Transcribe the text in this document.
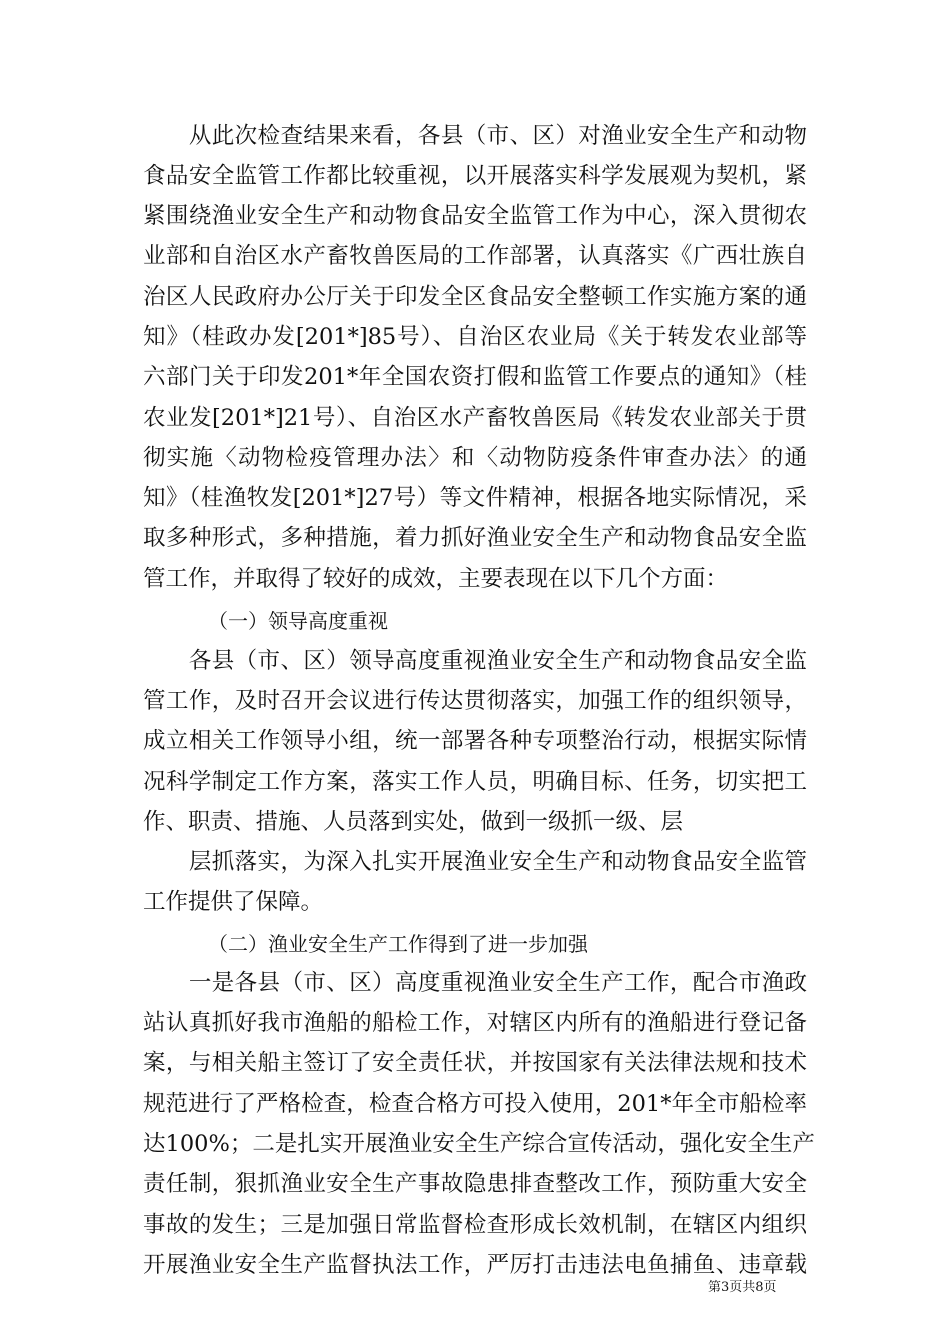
　　从此次检查结果来看，各县（市、区）对渔业安全生产和动物
食品安全监管工作都比较重视，以开展落实科学发展观为契机，紧
紧围绕渔业安全生产和动物食品安全监管工作为中心，深入贯彻农
业部和自治区水产畜牧兽医局的工作部署，认真落实《广西壮族自
治区人民政府办公厅关于印发全区食品安全整顿工作实施方案的通
知》（桂政办发[201*]85号）、自治区农业局《关于转发农业部等
六部门关于印发201*年全国农资打假和监管工作要点的通知》（桂
农业发[201*]21号）、自治区水产畜牧兽医局《转发农业部关于贯
彻实施〈动物检疫管理办法〉和〈动物防疫条件审查办法〉的通
知》（桂渔牧发[201*]27号）等文件精神，根据各地实际情况，采
取多种形式，多种措施，着力抓好渔业安全生产和动物食品安全监
管工作，并取得了较好的成效，主要表现在以下几个方面：
（一）领导高度重视
　　各县（市、区）领导高度重视渔业安全生产和动物食品安全监
管工作，及时召开会议进行传达贯彻落实，加强工作的组织领导，
成立相关工作领导小组，统一部署各种专项整治行动，根据实际情
况科学制定工作方案，落实工作人员，明确目标、任务，切实把工
作、职责、措施、人员落到实处，做到一级抓一级、层
　　层抓落实，为深入扎实开展渔业安全生产和动物食品安全监管
工作提供了保障。
（二）渔业安全生产工作得到了进一步加强
　　一是各县（市、区）高度重视渔业安全生产工作，配合市渔政
站认真抓好我市渔船的船检工作，对辖区内所有的渔船进行登记备
案，与相关船主签订了安全责任状，并按国家有关法律法规和技术
规范进行了严格检查，检查合格方可投入使用，201*年全市船检率
达100%；二是扎实开展渔业安全生产综合宣传活动，强化安全生产
责任制，狠抓渔业安全生产事故隐患排查整改工作，预防重大安全
事故的发生；三是加强日常监督检查形成长效机制，在辖区内组织
开展渔业安全生产监督执法工作，严厉打击违法电鱼捕鱼、违章载
第3页共8页
